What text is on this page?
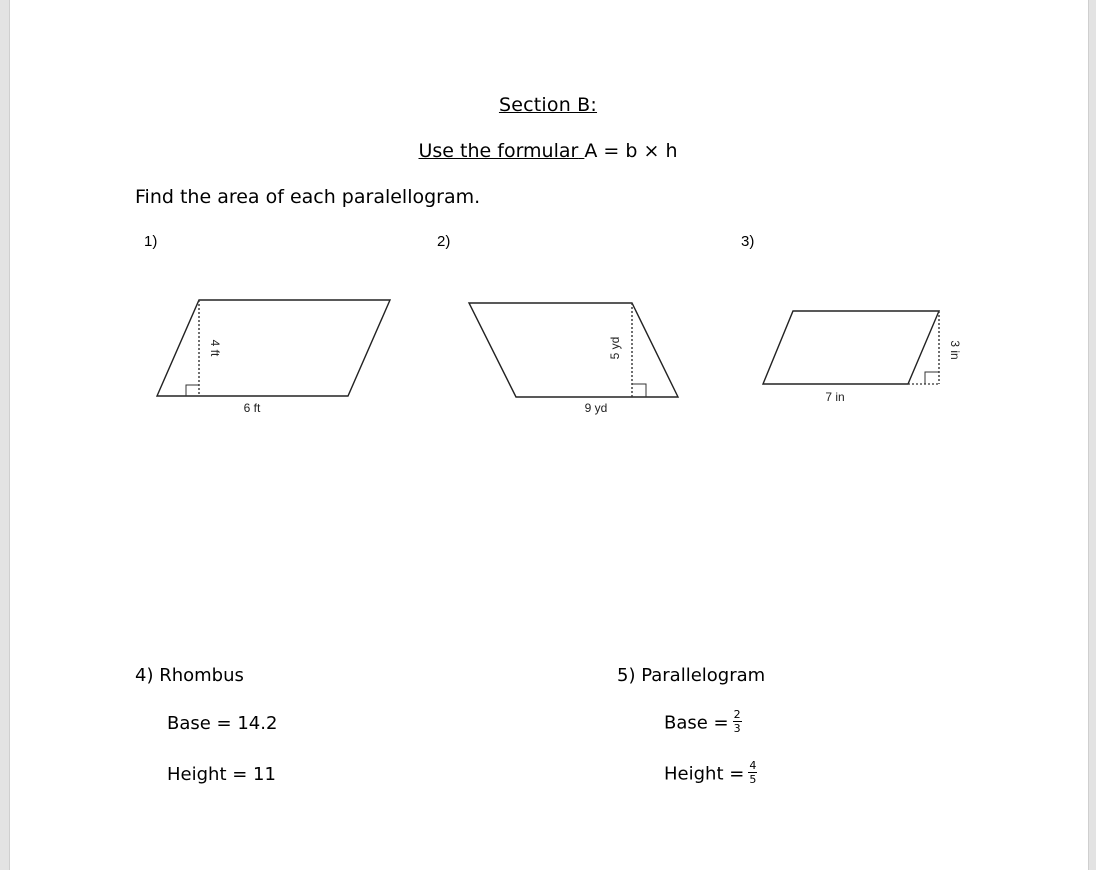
Section B:
Use the formular A = b × h
Find the area of each paralellogram.
1)	2)	3)
4 ft
6 ft
5 yd
9 yd
3 in
7 in
4) Rhombus
Base = 14.2
Height = 11
5) Parallelogram
Base = $\frac{2}{3}$
Height = $\frac{4}{5}$
